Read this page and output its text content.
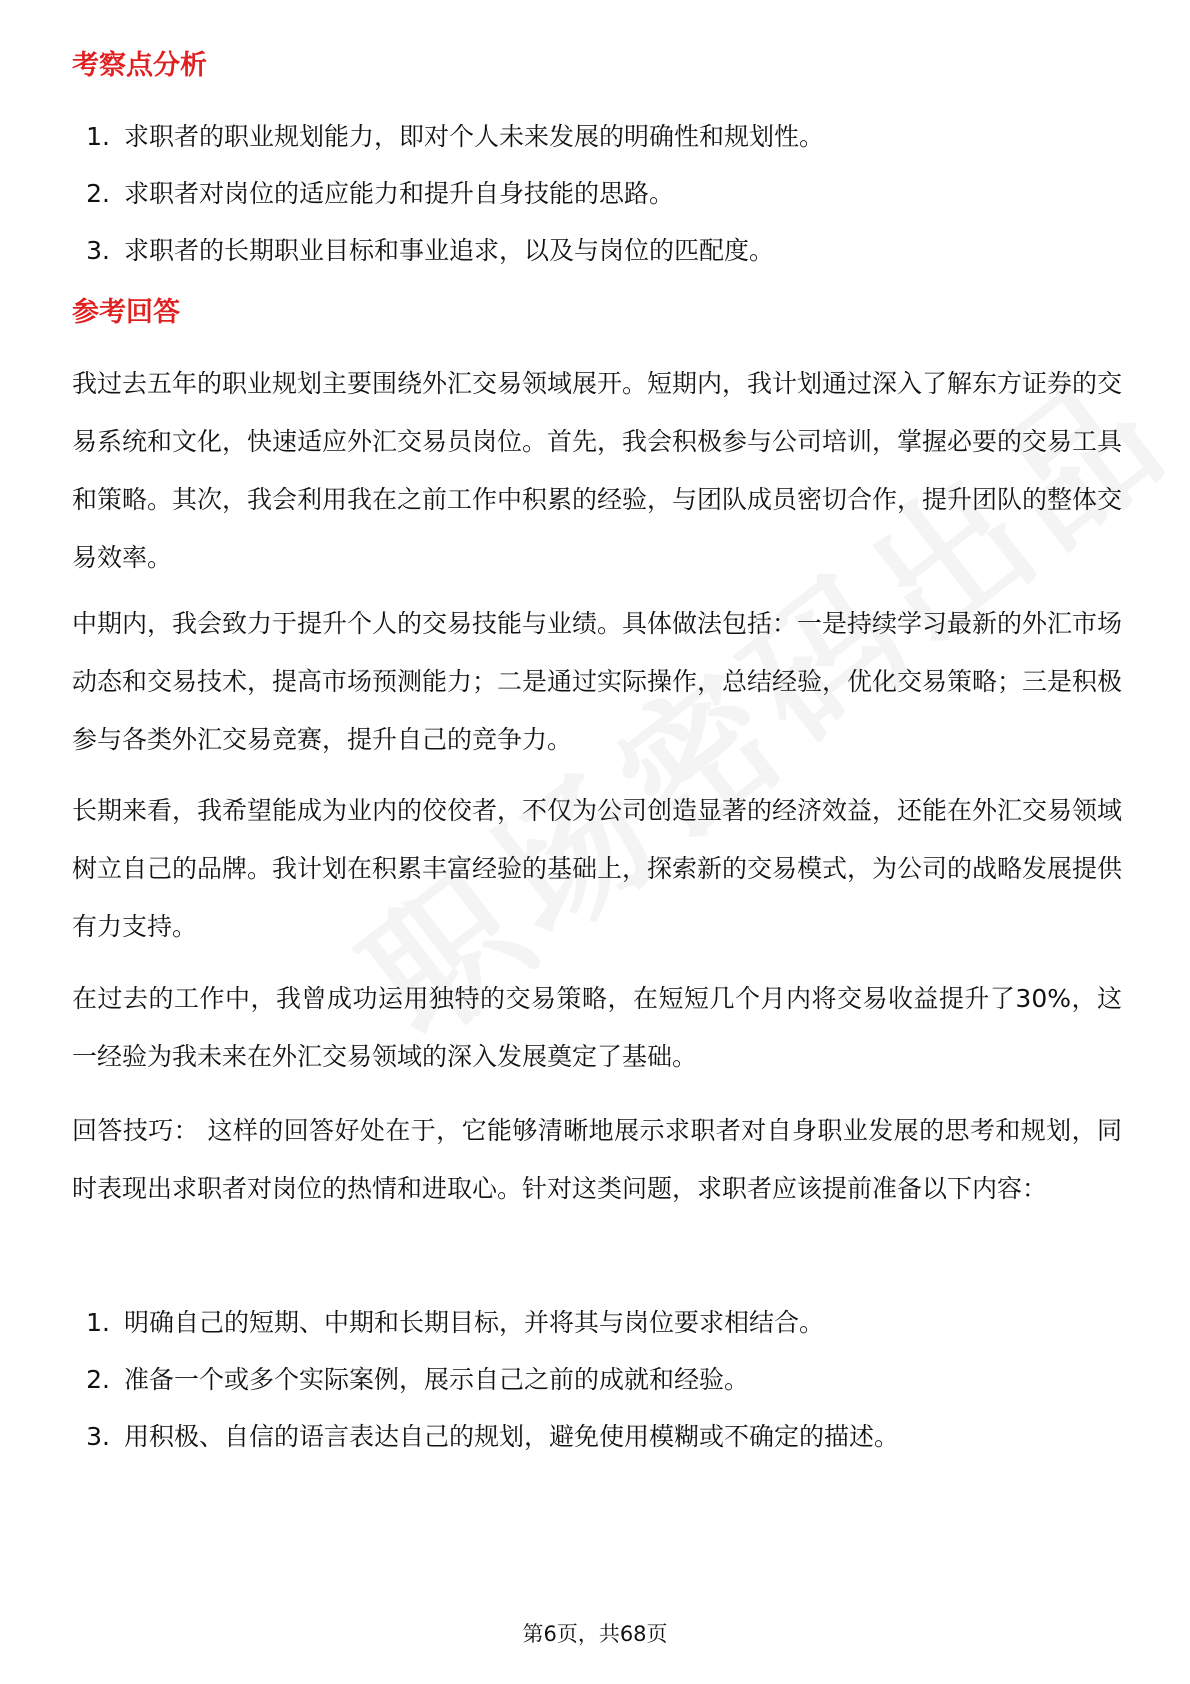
考察点分析
1. 求职者的职业规划能力，即对个人未来发展的明确性和规划性。
2. 求职者对岗位的适应能力和提升自身技能的思路。
3. 求职者的长期职业目标和事业追求，以及与岗位的匹配度。
参考回答

我过去五年的职业规划主要围绕外汇交易领域展开。短期内，我计划通过深入了解东方证券的交易系统和文化，快速适应外汇交易员岗位。首先，我会积极参与公司培训，掌握必要的交易工具和策略。其次，我会利用我在之前工作中积累的经验，与团队成员密切合作，提升团队的整体交易效率。

中期内，我会致力于提升个人的交易技能与业绩。具体做法包括：一是持续学习最新的外汇市场动态和交易技术，提高市场预测能力；二是通过实际操作，总结经验，优化交易策略；三是积极参与各类外汇交易竞赛，提升自己的竞争力。

长期来看，我希望能成为业内的佼佼者，不仅为公司创造显著的经济效益，还能在外汇交易领域树立自己的品牌。我计划在积累丰富经验的基础上，探索新的交易模式，为公司的战略发展提供有力支持。

在过去的工作中，我曾成功运用独特的交易策略，在短短几个月内将交易收益提升了30%，这一经验为我未来在外汇交易领域的深入发展奠定了基础。

回答技巧： 这样的回答好处在于，它能够清晰地展示求职者对自身职业发展的思考和规划，同时表现出求职者对岗位的热情和进取心。针对这类问题，求职者应该提前准备以下内容：

1. 明确自己的短期、中期和长期目标，并将其与岗位要求相结合。
2. 准备一个或多个实际案例，展示自己之前的成就和经验。
3. 用积极、自信的语言表达自己的规划，避免使用模糊或不确定的描述。
第6页，共68页
